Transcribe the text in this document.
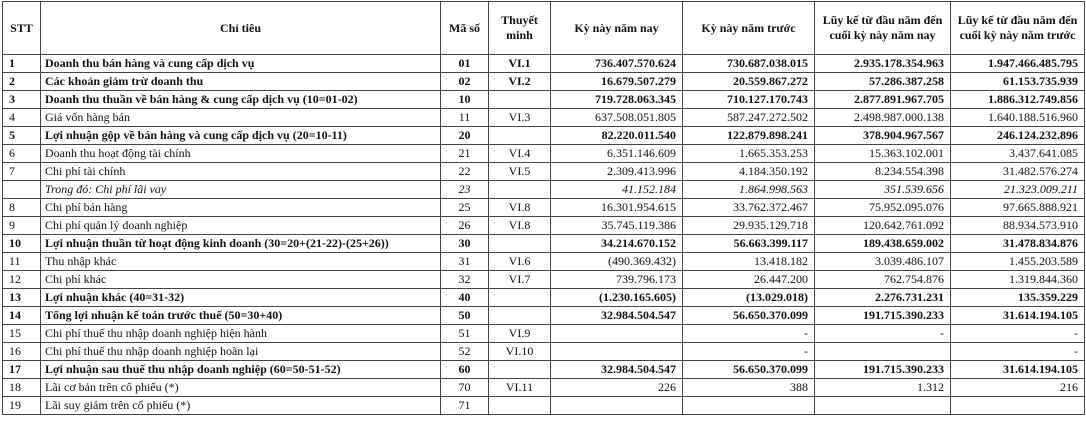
STT	Chỉ tiêu	Mã số	Thuyết minh	Kỳ này năm nay	Kỳ này năm trước	Lũy kế từ đầu năm đến cuối kỳ này năm nay	Lũy kế từ đầu năm đến cuối kỳ này năm trước
1	Doanh thu bán hàng và cung cấp dịch vụ	01	VI.1	736.407.570.624	730.687.038.015	2.935.178.354.963	1.947.466.485.795
2	Các khoản giảm trừ doanh thu	02	VI.2	16.679.507.279	20.559.867.272	57.286.387.258	61.153.735.939
3	Doanh thu thuần về bán hàng & cung cấp dịch vụ (10=01-02)	10		719.728.063.345	710.127.170.743	2.877.891.967.705	1.886.312.749.856
4	Giá vốn hàng bán	11	VI.3	637.508.051.805	587.247.272.502	2.498.987.000.138	1.640.188.516.960
5	Lợi nhuận gộp về bán hàng và cung cấp dịch vụ (20=10-11)	20		82.220.011.540	122.879.898.241	378.904.967.567	246.124.232.896
6	Doanh thu hoạt động tài chính	21	VI.4	6.351.146.609	1.665.353.253	15.363.102.001	3.437.641.085
7	Chi phí tài chính	22	VI.5	2.309.413.996	4.184.350.192	8.234.554.398	31.482.576.274
	Trong đó: Chi phí lãi vay	23		41.152.184	1.864.998.563	351.539.656	21.323.009.211
8	Chi phí bán hàng	25	VI.8	16.301.954.615	33.762.372.467	75.952.095.076	97.665.888.921
9	Chi phí quản lý doanh nghiệp	26	VI.8	35.745.119.386	29.935.129.718	120.642.761.092	88.934.573.910
10	Lợi nhuận thuần từ hoạt động kinh doanh (30=20+(21-22)-(25+26))	30		34.214.670.152	56.663.399.117	189.438.659.002	31.478.834.876
11	Thu nhập khác	31	VI.6	(490.369.432)	13.418.182	3.039.486.107	1.455.203.589
12	Chi phí khác	32	VI.7	739.796.173	26.447.200	762.754.876	1.319.844.360
13	Lợi nhuận khác (40=31-32)	40		(1.230.165.605)	(13.029.018)	2.276.731.231	135.359.229
14	Tổng lợi nhuận kế toán trước thuế (50=30+40)	50		32.984.504.547	56.650.370.099	191.715.390.233	31.614.194.105
15	Chi phí thuế thu nhập doanh nghiệp hiện hành	51	VI.9		-	-	-
16	Chi phí thuế thu nhập doanh nghiệp hoãn lại	52	VI.10		-		-
17	Lợi nhuận sau thuế thu nhập doanh nghiệp (60=50-51-52)	60		32.984.504.547	56.650.370.099	191.715.390.233	31.614.194.105
18	Lãi cơ bản trên cổ phiếu (*)	70	VI.11	226	388	1.312	216
19	Lãi suy giảm trên cổ phiếu (*)	71					
